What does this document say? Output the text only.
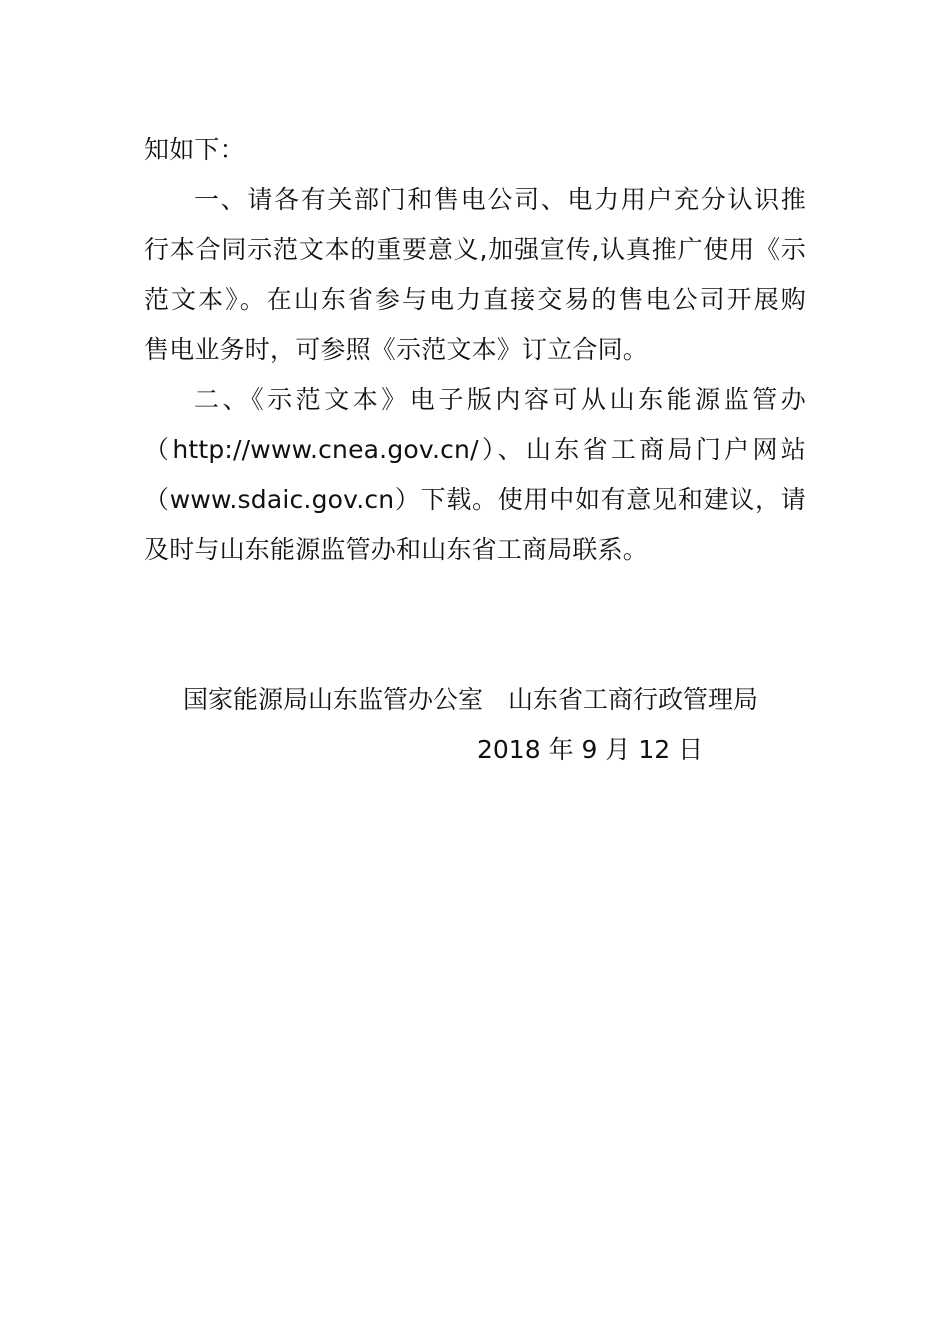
知如下：
一、请各有关部门和售电公司、电力用户充分认识推
行本合同示范文本的重要意义,加强宣传,认真推广使用《示
范文本》。在山东省参与电力直接交易的售电公司开展购
售电业务时，可参照《示范文本》订立合同。
二、《示范文本》电子版内容可从山东能源监管办
（http://www.cnea.gov.cn/）、山东省工商局门户网站
（www.sdaic.gov.cn）下载。使用中如有意见和建议，请
及时与山东能源监管办和山东省工商局联系。
国家能源局山东监管办公室　山东省工商行政管理局
2018 年 9 月 12 日
